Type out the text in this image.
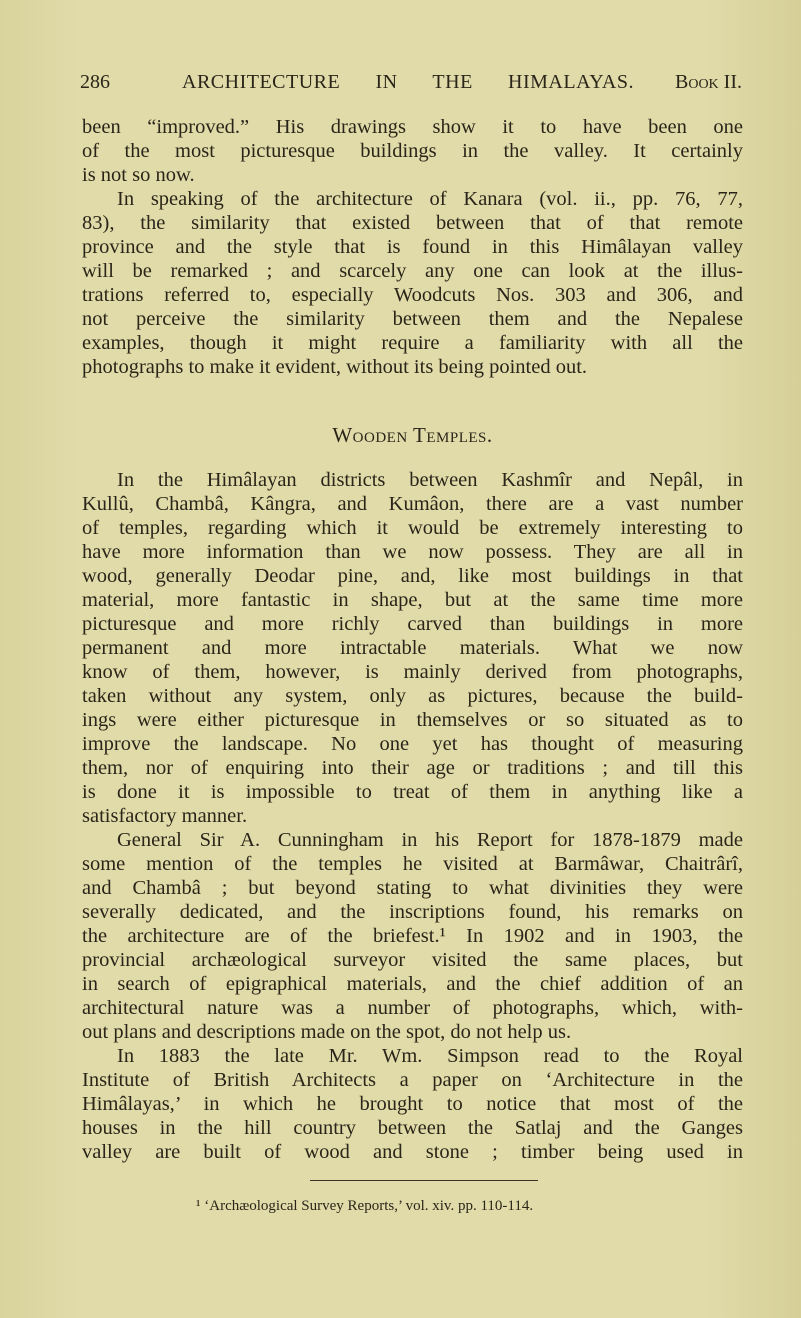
286	ARCHITECTURE IN THE HIMALAYAS. Book II.
been “improved.” His drawings show it to have been one
of the most picturesque buildings in the valley. It certainly
is not so now.
In speaking of the architecture of Kanara (vol. ii., pp. 76, 77,
83), the similarity that existed between that of that remote
province and the style that is found in this Himâlayan valley
will be remarked ; and scarcely any one can look at the illus-
trations referred to, especially Woodcuts Nos. 303 and 306, and
not perceive the similarity between them and the Nepalese
examples, though it might require a familiarity with all the
photographs to make it evident, without its being pointed out.
Wooden Temples.
In the Himâlayan districts between Kashmîr and Nepâl, in
Kullû, Chambâ, Kângra, and Kumâon, there are a vast number
of temples, regarding which it would be extremely interesting to
have more information than we now possess. They are all in
wood, generally Deodar pine, and, like most buildings in that
material, more fantastic in shape, but at the same time more
picturesque and more richly carved than buildings in more
permanent and more intractable materials. What we now
know of them, however, is mainly derived from photographs,
taken without any system, only as pictures, because the build-
ings were either picturesque in themselves or so situated as to
improve the landscape. No one yet has thought of measuring
them, nor of enquiring into their age or traditions ; and till this
is done it is impossible to treat of them in anything like a
satisfactory manner.
General Sir A. Cunningham in his Report for 1878-1879 made
some mention of the temples he visited at Barmâwar, Chaitrârî,
and Chambâ ; but beyond stating to what divinities they were
severally dedicated, and the inscriptions found, his remarks on
the architecture are of the briefest.¹ In 1902 and in 1903, the
provincial archæological surveyor visited the same places, but
in search of epigraphical materials, and the chief addition of an
architectural nature was a number of photographs, which, with-
out plans and descriptions made on the spot, do not help us.
In 1883 the late Mr. Wm. Simpson read to the Royal
Institute of British Architects a paper on ‘Architecture in the
Himâlayas,’ in which he brought to notice that most of the
houses in the hill country between the Satlaj and the Ganges
valley are built of wood and stone ; timber being used in
¹ ‘Archæological Survey Reports,’ vol. xiv. pp. 110-114.
